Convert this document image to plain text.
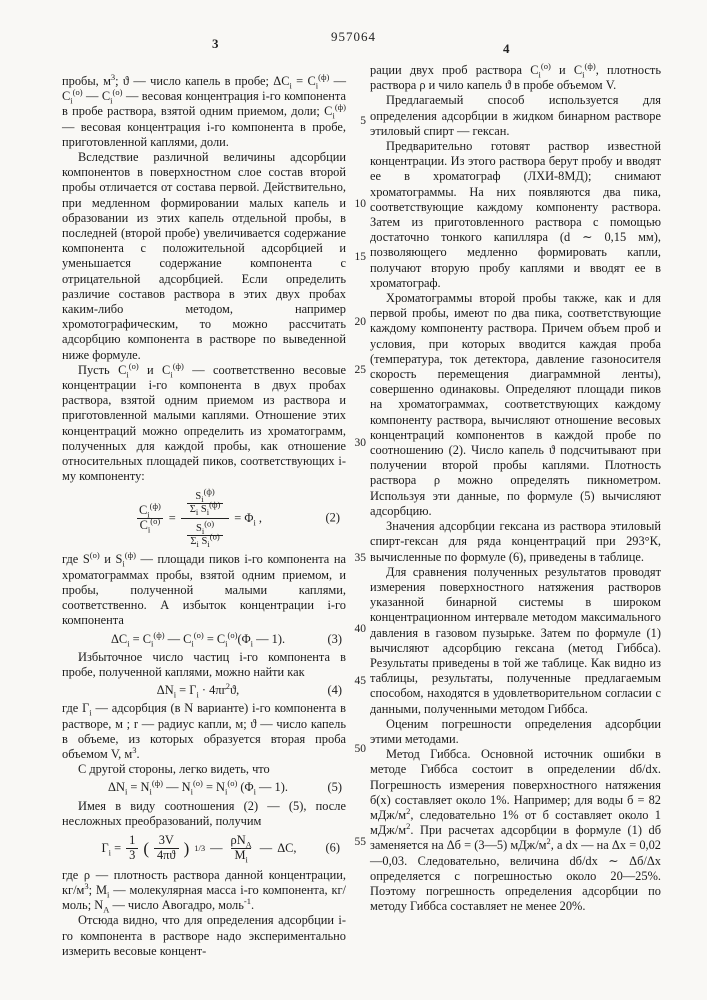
957064
3	4
5
10
15
20
25
30
35
40
45
50
55

пробы, $м^3$; ϑ — число капель в пробе; $\Delta C_i = C_i^{(ф)}$ — $C_i^{(о)}$ — $C_i^{(о)}$ — весовая концентрация i-го компонента в пробе раствора, взятой одним приемом, доли; $C_i^{(ф)}$ — весовая концентрация i-го компонента в пробе, приготовленной каплями, доли.

Вследствие различной величины адсорбции компонентов в поверхностном слое состав второй пробы отличается от состава первой. Действительно, при медленном формировании малых капель и образовании из этих капель отдельной пробы, в последней (второй пробе) увеличивается содержание компонента с положительной адсорбцией и уменьшается содержание компонента с отрицательной адсорбцией. Если определить различие составов раствора в этих двух пробах каким-либо методом, например хромотографическим, то можно рассчитать адсорбцию компонента в растворе по выведенной ниже формуле.

Пусть $C_i^{(о)}$ и $C_i^{(ф)}$ — соответственно весовые концентрации i-го компонента в двух пробах раствора, взятой одним приемом из раствора и приготовленной малыми каплями. Отношение этих концентраций можно определить из хроматограмм, полученных для каждой пробы, как отношение относительных площадей пиков, соответствующих i-му компоненту:

$\frac{C_i^{(ф)}}{C_i^{(о)}}$ =
$\frac{S_i^{(ф)}}{\Sigma_i S_i^{(ф)}}$
$\frac{S_i^{(о)}}{\Sigma_i S_i^{(о)}}$
= $\Phi_i$ ,	(2)

где $S^{(о)}$ и $S_i^{(ф)}$ — площади пиков i-го компонента на хроматограммах пробы, взятой одним приемом, и пробы, полученной малыми каплями, соответственно. А избыток концентрации i-го компонента

$\Delta C_i = C_i^{(ф)}$ — $C_i^{(о)} = C_i^{(о)}(\Phi_i$ — 1).	(3)

Избыточное число частиц i-го компонента в пробе, полученной каплями, можно найти как

$\Delta N_i = \Gamma_i \cdot 4\pi r^2ϑ$,	(4)

где $\Gamma_i$ — адсорбция (в N варианте) i-го компонента в растворе, м ; r — радиус капли, м; ϑ — число капель в объеме, из которых образуется вторая проба объемом V, $м^3$.

С другой стороны, легко видеть, что

$\Delta N_i = N_i^{(ф)}$ — $N_i^{(о)} = N_i^{(о)}$ ($\Phi_i$ — 1).	(5)

Имея в виду соотношения (2) — (5), после несложных преобразований, получим

$\Gamma_i = \frac{1}{3}$ ( $\frac{3V}{4\pi ϑ}$ ) 1/3 — $\frac{\rho N_A}{M_i}$ — ΔC, (6)

где ρ — плотность раствора данной концентрации, $кг/м^3$; $M_i$ — молекулярная масса i-го компонента, кг/моль; $N_A$ — число Авогадро, моль$^{-1}$.

Отсюда видно, что для определения адсорбции i-го компонента в растворе надо экспериментально измерить весовые концент-

рации двух проб раствора $C_i^{(о)}$ и $C_i^{(ф)}$, плотность раствора ρ и чило капель ϑ в пробе объемом V.

Предлагаемый способ используется для определения адсорбции в жидком бинарном растворе этиловый спирт — гексан.

Предварительно готовят раствор известной концентрации. Из этого раствора берут пробу и вводят ее в хроматограф (ЛХИ-8МД); снимают хроматограммы. На них появляются два пика, соответствующие каждому компоненту раствора. Затем из приготовленного раствора с помощью достаточно тонкого капилляра (d ∼ 0,15 мм), позволяющего медленно формировать капли, получают вторую пробу каплями и вводят ее в хроматограф.

Хроматограммы второй пробы также, как и для первой пробы, имеют по два пика, соответствующие каждому компоненту раствора. Причем объем проб и условия, при которых вводится каждая проба (температура, ток детектора, давление газоносителя скорость перемещения диаграммной ленты), совершенно одинаковы. Определяют площади пиков на хроматограммах, соответствующих каждому компоненту раствора, вычисляют отношение весовых концентраций компонентов в каждой пробе по соотношению (2). Число капель ϑ подсчитывают при получении второй пробы каплями. Плотность раствора ρ можно определять пикнометром. Используя эти данные, по формуле (5) вычисляют адсорбцию.

Значения адсорбции гексана из раствора этиловый спирт-гексан для ряда концентраций при 293°К, вычисленные по формуле (6), приведены в таблице.

Для сравнения полученных результатов проводят измерения поверхностного натяжения растворов указанной бинарной системы в широком концентрационном интервале методом максимального давления в газовом пузырьке. Затем по формуле (1) вычисляют адсорбцию гексана (метод Гиббса). Результаты приведены в той же таблице. Как видно из таблицы, результаты, полученные предлагаемым способом, находятся в удовлетворительном согласии с данными, полученными методом Гиббса.

Оценим погрешности определения адсорбции этими методами.

Метод Гиббса. Основной источник ошибки в методе Гиббса состоит в определении dб/dx. Погрешность измерения поверхностного натяжения б(x) составляет около 1%. Например; для воды б = 82 мДж/$м^2$, следовательно 1% от б составляет около 1 мДж/$м^2$. При расчетах адсорбции в формуле (1) dб заменяется на Δб = (3—5) мДж/$м^2$, a dx — на Δx = 0,02—0,03. Следовательно, величина dб/dx ∼ Δб/Δx определяется с погрешностью около 20—25%. Поэтому погрешность определения адсорбции по методу Гиббса составляет не менее 20%.
